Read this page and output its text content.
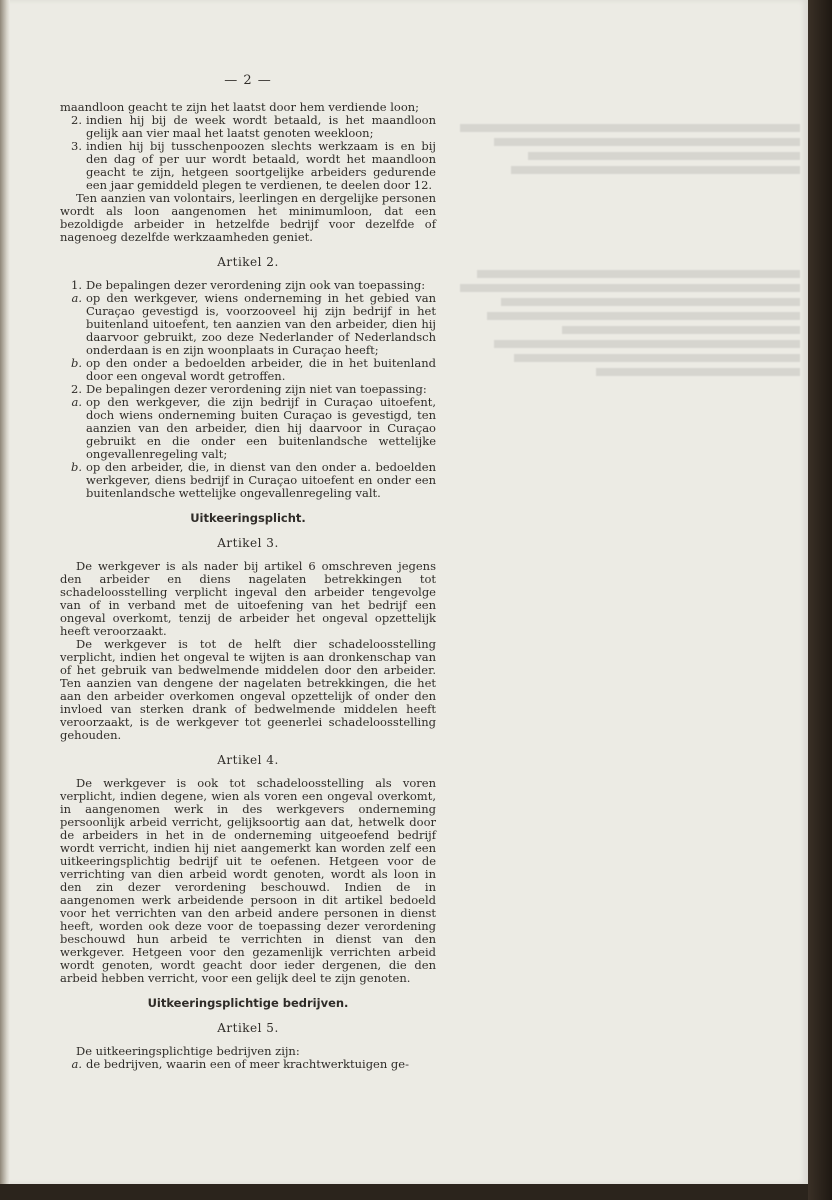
— 2 —

maandloon geacht te zijn het laatst door hem verdiende loon;

2. indien hij bij de week wordt betaald, is het maandloon gelijk aan vier maal het laatst genoten weekloon;

3. indien hij bij tusschenpoozen slechts werkzaam is en bij den dag of per uur wordt betaald, wordt het maandloon geacht te zijn, hetgeen soortgelijke arbeiders gedurende een jaar gemiddeld plegen te verdienen, te deelen door 12.

Ten aanzien van volontairs, leerlingen en dergelijke personen wordt als loon aangenomen het minimumloon, dat een bezoldigde arbeider in hetzelfde bedrijf voor dezelfde of nagenoeg dezelfde werkzaamheden geniet.

Artikel 2.

1. De bepalingen dezer verordening zijn ook van toepassing:

a. op den werkgever, wiens onderneming in het gebied van Curaçao gevestigd is, voorzooveel hij zijn bedrijf in het buitenland uitoefent, ten aanzien van den arbeider, dien hij daarvoor gebruikt, zoo deze Nederlander of Nederlandsch onderdaan is en zijn woonplaats in Curaçao heeft;

b. op den onder a bedoelden arbeider, die in het buitenland door een ongeval wordt getroffen.

2. De bepalingen dezer verordening zijn niet van toepassing:

a. op den werkgever, die zijn bedrijf in Curaçao uitoefent, doch wiens onderneming buiten Curaçao is gevestigd, ten aanzien van den arbeider, dien hij daarvoor in Curaçao gebruikt en die onder een buitenlandsche wettelijke ongevallenregeling valt;

b. op den arbeider, die, in dienst van den onder a. bedoelden werkgever, diens bedrijf in Curaçao uitoefent en onder een buitenlandsche wettelijke ongevallenregeling valt.

Uitkeeringsplicht.
Artikel 3.

De werkgever is als nader bij artikel 6 omschreven jegens den arbeider en diens nagelaten betrekkingen tot schadeloosstelling verplicht ingeval den arbeider tengevolge van of in verband met de uitoefening van het bedrijf een ongeval overkomt, tenzij de arbeider het ongeval opzettelijk heeft veroorzaakt.

De werkgever is tot de helft dier schadeloosstelling verplicht, indien het ongeval te wijten is aan dronkenschap van of het gebruik van bedwelmende middelen door den arbeider. Ten aanzien van dengene der nagelaten betrekkingen, die het aan den arbeider overkomen ongeval opzettelijk of onder den invloed van sterken drank of bedwelmende middelen heeft veroorzaakt, is de werkgever tot geenerlei schadeloosstelling gehouden.

Artikel 4.

De werkgever is ook tot schadeloosstelling als voren verplicht, indien degene, wien als voren een ongeval overkomt, in aangenomen werk in des werkgevers onderneming persoonlijk arbeid verricht, gelijksoortig aan dat, hetwelk door de arbeiders in het in de onderneming uitgeoefend bedrijf wordt verricht, indien hij niet aangemerkt kan worden zelf een uitkeeringsplichtig bedrijf uit te oefenen. Hetgeen voor de verrichting van dien arbeid wordt genoten, wordt als loon in den zin dezer verordening beschouwd. Indien de in aangenomen werk arbeidende persoon in dit artikel bedoeld voor het verrichten van den arbeid andere personen in dienst heeft, worden ook deze voor de toepassing dezer verordening beschouwd hun arbeid te verrichten in dienst van den werkgever. Hetgeen voor den gezamenlijk verrichten arbeid wordt genoten, wordt geacht door ieder dergenen, die den arbeid hebben verricht, voor een gelijk deel te zijn genoten.

Uitkeeringsplichtige bedrijven.
Artikel 5.

De uitkeeringsplichtige bedrijven zijn:

a. de bedrijven, waarin een of meer krachtwerktuigen ge-
